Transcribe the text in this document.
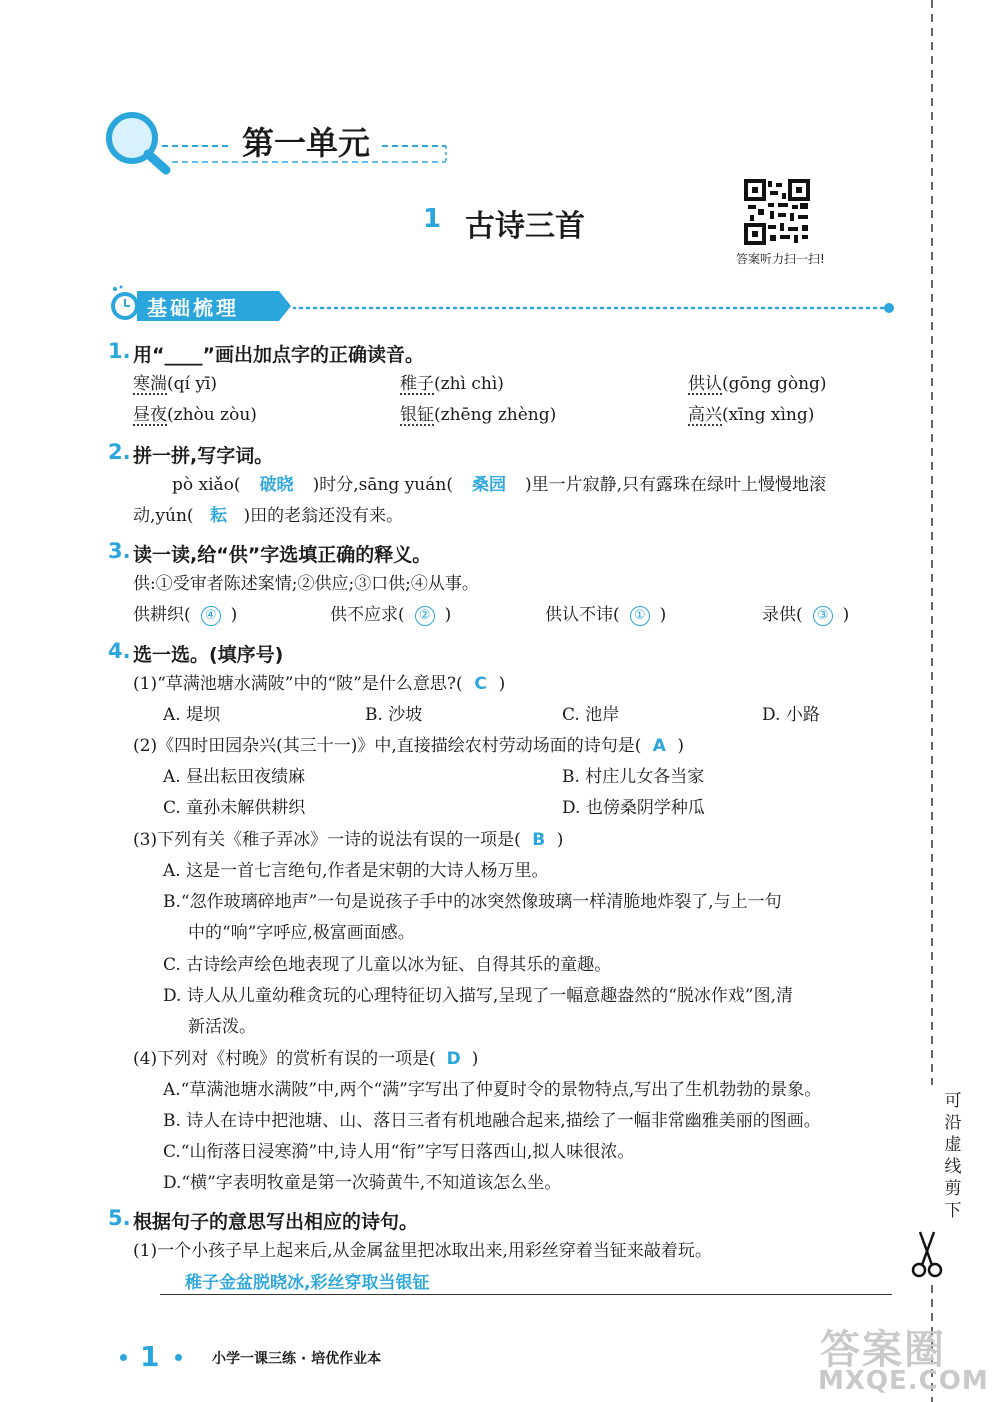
第一单元
1 古诗三首
答案听力扫一扫!
基础梳理
1. 用“____”画出加点字的正确读音。
寒湍(qí yī)	稚子(zhì chì)	供认(gōng gòng)
昼夜(zhòu zòu)	银钲(zhēng zhèng)	高兴(xīng xìng)
2. 拼一拼,写字词。
pò xiǎo( 破晓 )时分,sāng yuán( 桑园 )里一片寂静,只有露珠在绿叶上慢慢地滚
动,yún( 耘 )田的老翁还没有来。
3. 读一读,给“供”字选填正确的释义。
供:①受审者陈述案情;②供应;③口供;④从事。
供耕织( ④ )	供不应求( ② )	供认不讳( ① )	录供( ③ )
4. 选一选。(填序号)
(1)“草满池塘水满陂”中的“陂”是什么意思?( C )
A. 堤坝	B. 沙坡	C. 池岸	D. 小路
(2)《四时田园杂兴(其三十一)》中,直接描绘农村劳动场面的诗句是( A )
A. 昼出耘田夜绩麻	B. 村庄儿女各当家
C. 童孙未解供耕织	D. 也傍桑阴学种瓜
(3)下列有关《稚子弄冰》一诗的说法有误的一项是( B )
A. 这是一首七言绝句,作者是宋朝的大诗人杨万里。
B.“忽作玻璃碎地声”一句是说孩子手中的冰突然像玻璃一样清脆地炸裂了,与上一句
中的“响”字呼应,极富画面感。
C. 古诗绘声绘色地表现了儿童以冰为钲、自得其乐的童趣。
D. 诗人从儿童幼稚贪玩的心理特征切入描写,呈现了一幅意趣盎然的“脱冰作戏”图,清
新活泼。
(4)下列对《村晚》的赏析有误的一项是( D )
A.“草满池塘水满陂”中,两个“满”字写出了仲夏时令的景物特点,写出了生机勃勃的景象。
B. 诗人在诗中把池塘、山、落日三者有机地融合起来,描绘了一幅非常幽雅美丽的图画。
C.“山衔落日浸寒漪”中,诗人用“衔”字写日落西山,拟人味很浓。
D.“横”字表明牧童是第一次骑黄牛,不知道该怎么坐。
5. 根据句子的意思写出相应的诗句。
(1)一个小孩子早上起来后,从金属盆里把冰取出来,用彩丝穿着当钲来敲着玩。
稚子金盆脱晓冰,彩丝穿取当银钲
可
沿
虚
线
剪
下
1	小学一课三练 · 培优作业本	答案圈
MXQE.COM
